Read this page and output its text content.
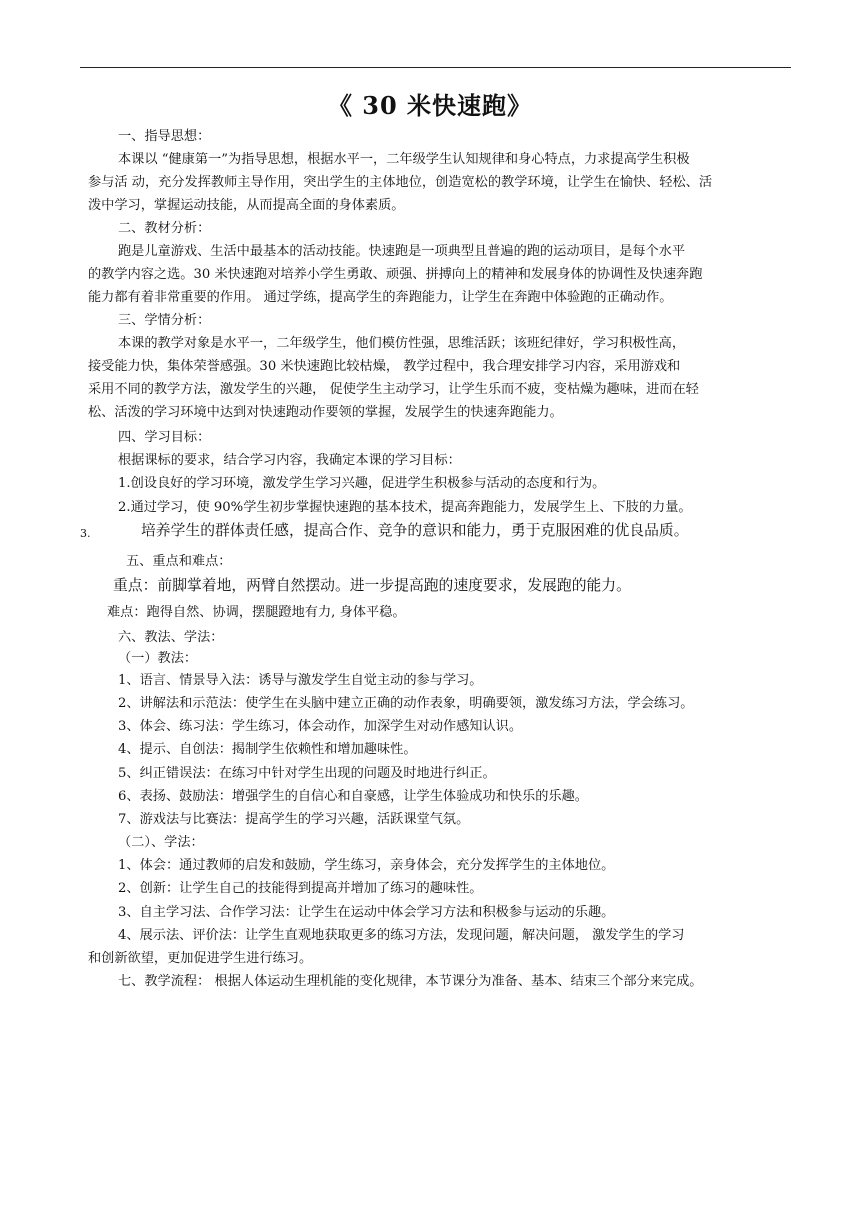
《 30 米快速跑》
一、指导思想：
本课以 “健康第一”为指导思想，根据水平一，二年级学生认知规律和身心特点，力求提高学生积极
参与活 动，充分发挥教师主导作用，突出学生的主体地位，创造宽松的教学环境，让学生在愉快、轻松、活
泼中学习，掌握运动技能，从而提高全面的身体素质。
二、教材分析：
跑是儿童游戏、生活中最基本的活动技能。快速跑是一项典型且普遍的跑的运动项目，是每个水平
的教学内容之选。30 米快速跑对培养小学生勇敢、顽强、拼搏向上的精神和发展身体的协调性及快速奔跑
能力都有着非常重要的作用。 通过学练，提高学生的奔跑能力，让学生在奔跑中体验跑的正确动作。
三、学情分析：
本课的教学对象是水平一，二年级学生，他们模仿性强，思维活跃；该班纪律好，学习积极性高，
接受能力快，集体荣誉感强。30 米快速跑比较枯燥， 教学过程中，我合理安排学习内容，采用游戏和
采用不同的教学方法，激发学生的兴趣， 促使学生主动学习，让学生乐而不疲，变枯燥为趣味，进而在轻
松、活泼的学习环境中达到对快速跑动作要领的掌握，发展学生的快速奔跑能力。
四、学习目标：
根据课标的要求，结合学习内容，我确定本课的学习目标：
1.创设良好的学习环境，激发学生学习兴趣，促进学生积极参与活动的态度和行为。
2.通过学习，使 90%学生初步掌握快速跑的基本技术，提高奔跑能力，发展学生上、下肢的力量。
3.	培养学生的群体责任感，提高合作、竞争的意识和能力，勇于克服困难的优良品质。
五、重点和难点：
重点：前脚掌着地，两臂自然摆动。进一步提高跑的速度要求，发展跑的能力。
难点：跑得自然、协调，摆腿蹬地有力, 身体平稳。
六、教法、学法：
（一）教法：
1、语言、情景导入法：诱导与激发学生自觉主动的参与学习。
2、讲解法和示范法：使学生在头脑中建立正确的动作表象，明确要领，激发练习方法，学会练习。
3、体会、练习法：学生练习，体会动作，加深学生对动作感知认识。
4、提示、自创法：揭制学生依赖性和增加趣味性。
5、纠正错误法：在练习中针对学生出现的问题及时地进行纠正。
6、表扬、鼓励法：增强学生的自信心和自豪感，让学生体验成功和快乐的乐趣。
7、游戏法与比赛法：提高学生的学习兴趣，活跃课堂气氛。
（二）、学法：
1、体会：通过教师的启发和鼓励，学生练习，亲身体会，充分发挥学生的主体地位。
2、创新：让学生自己的技能得到提高并增加了练习的趣味性。
3、自主学习法、合作学习法：让学生在运动中体会学习方法和积极参与运动的乐趣。
4、展示法、评价法：让学生直观地获取更多的练习方法，发现问题，解决问题， 激发学生的学习
和创新欲望，更加促进学生进行练习。
七、教学流程： 根据人体运动生理机能的变化规律，本节课分为准备、基本、结束三个部分来完成。
